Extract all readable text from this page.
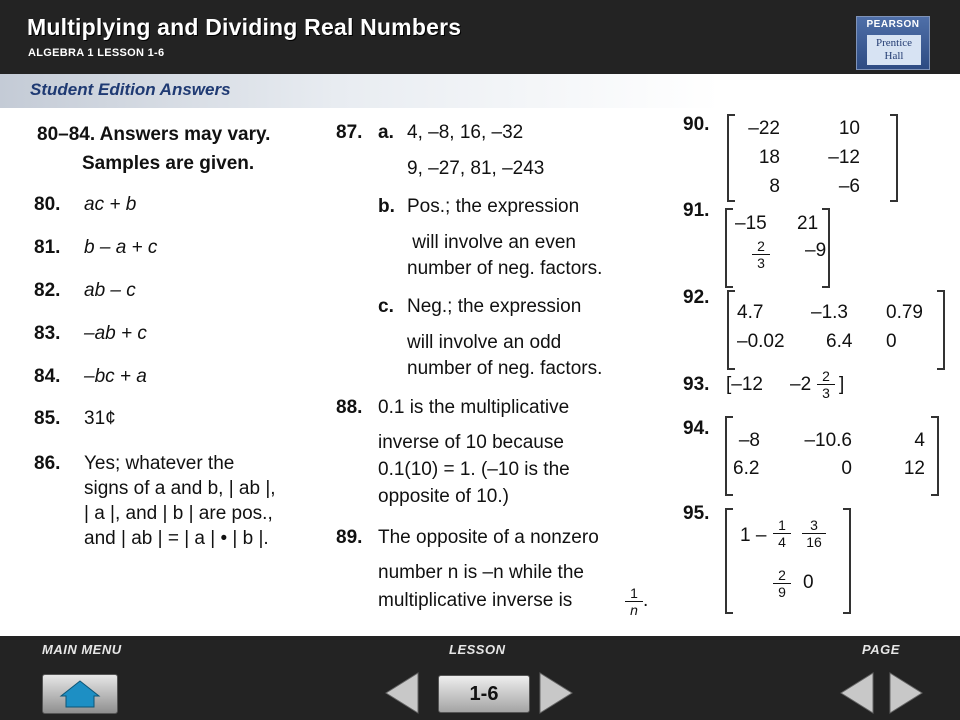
Multiplying and Dividing Real Numbers
ALGEBRA 1 LESSON 1-6
PEARSON
Prentice
Hall
Student Edition Answers
80–84. Answers may vary.
Samples are given.
80. ac + b
81. b – a + c
82. ab – c
83. –ab + c
84. –bc + a
85. 31¢
86. Yes; whatever the
signs of a and b, | ab |,
| a |, and | b | are pos.,
and | ab | = | a | • | b |.
87. a. 4, –8, 16, –32
9, –27, 81, –243
b. Pos.; the expression
will involve an even
number of neg. factors.
c. Neg.; the expression
will involve an odd
number of neg. factors.
88. 0.1 is the multiplicative
inverse of 10 because
0.1(10) = 1. (–10 is the
opposite of 10.)
89. The opposite of a nonzero
number n is –n while the
multiplicative inverse is	$\frac{1}{n}$ .
90.	–22	10
18	–12
8	–6
91.
–15 21
$\frac{2}{3} -9$
92.
4.7	–1.3 0.79
–0.02 6.4 0
93. [–12 $-2 \frac{2}{3}$ ]
94.
–8 –10.6	4
6.2	0	12
95.
$1 - \frac{1}{4} \frac{3}{16}$
$\frac{2}{9} 0$
MAIN MENU	LESSON	PAGE
1-6
